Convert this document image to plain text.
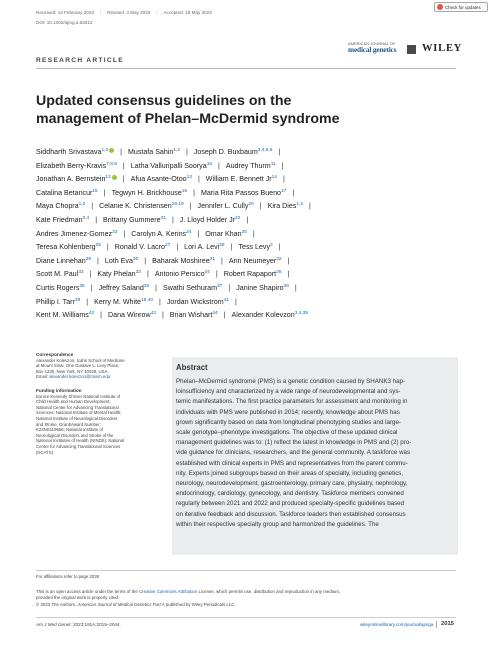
Received: 14 February 2023 | Revised: 4 May 2023 | Accepted: 18 May 2023
DOI: 10.1002/ajmg.a.63312
Check for updates
RESEARCH ARTICLE
AMERICAN JOURNAL OF
medical genetics	WILEY
Updated consensus guidelines on the management of Phelan–McDermid syndrome
Siddharth Srivastava$^{1,2}$ | Mustafa Sahin$^{1,2}$ | Joseph D. Buxbaum$^{3,4,5,6}$ |
Elizabeth Berry-Kravis$^{7,8,9}$ | Latha Valluripalli Soorya$^{10}$ | Audrey Thurm$^{11}$ |
Jonathan A. Bernstein$^{12}$ | Afua Asante-Otoo$^{13}$ | William E. Bennett Jr$^{14}$ |
Catalina Betancur$^{15}$ | Tegwyn H. Brickhouse$^{16}$ | Maria Rita Passos Bueno$^{17}$ |
Maya Chopra$^{1,2}$ | Celanie K. Christensen$^{18,19}$ | Jennifer L. Cully$^{20}$ | Kira Dies$^{1,2}$ |
Kate Friedman$^{3,4}$ | Brittany Gummere$^{21}$ | J. Lloyd Holder Jr$^{22}$ |
Andres Jimenez-Gomez$^{23}$ | Carolyn A. Kerins$^{24}$ | Omar Khan$^{25}$ |
Teresa Kohlenberg$^{26}$ | Ronald V. Lacro$^{27}$ | Lori A. Levi$^{28}$ | Tess Levy$^3$ |
Diane Linnehan$^{29}$ | Loth Eva$^{30}$ | Baharak Moshiree$^{31}$ | Ann Neumeyer$^{32}$ |
Scott M. Paul$^{33}$ | Katy Phelan$^{33}$ | Antonio Persico$^{34}$ | Robert Rapaport$^{35}$ |
Curtis Rogers$^{36}$ | Jeffrey Saland$^{35}$ | Swathi Sethuram$^{37}$ | Janine Shapiro$^{38}$ |
Phillip I. Tarr$^{39}$ | Kerry M. White$^{18,40}$ | Jordan Wickstrom$^{41}$ |
Kent M. Williams$^{42}$ | Dana Winrow$^{43}$ | Brian Wishart$^{44}$ | Alexander Kolevzon$^{3,4,35}$
Correspondence
Alexander Kolevzon, Icahn School of Medicine
at Mount Sinai, One Gustave L. Levy Place,
Box 1230, New York, NY 10029, USA.
Email: alexander.kolevzon@mssm.edu
Funding information
Eunice Kennedy Shriver National Institute of
Child Health and Human Development;
National Center for Advancing Translational
Sciences; National Institute of Mental Health;
National Institute of Neurological Disorders
and Stroke, Grant/Award Number:
K23NS119666; National Institute of
Neurological Disorders and Stroke of the
National Institutes of Health (NINDS); National
Center for Advancing Translational Sciences
(NCATS)
Abstract
Phelan–McDermid syndrome (PMS) is a genetic condition caused by SHANK3 hap-
loinsufficiency and characterized by a wide range of neurodevelopmental and sys-
temic manifestations. The first practice parameters for assessment and monitoring in
individuals with PMS were published in 2014; recently, knowledge about PMS has
grown significantly based on data from longitudinal phenotyping studies and large-
scale genotype–phenotype investigations. The objective of these updated clinical
management guidelines was to: (1) reflect the latest in knowledge in PMS and (2) pro-
vide guidance for clinicians, researchers, and the general community. A taskforce was
established with clinical experts in PMS and representatives from the parent commu-
nity. Experts joined subgroups based on their areas of specialty, including genetics,
neurology, neurodevelopment, gastroenterology, primary care, physiatry, nephrology,
endocrinology, cardiology, gynecology, and dentistry. Taskforce members convened
regularly between 2021 and 2022 and produced specialty-specific guidelines based
on iterative feedback and discussion. Taskforce leaders then established consensus
within their respective specialty group and harmonized the guidelines. The
For affiliations refer to page 2038
This is an open access article under the terms of the Creative Commons Attribution License, which permits use, distribution and reproduction in any medium,
provided the original work is properly cited.
© 2023 The Authors. American Journal of Medical Genetics Part A published by Wiley Periodicals LLC.
Am J Med Genet. 2023;191A:2015–2044.	wileyonlinelibrary.com/journal/ajmga 2015
